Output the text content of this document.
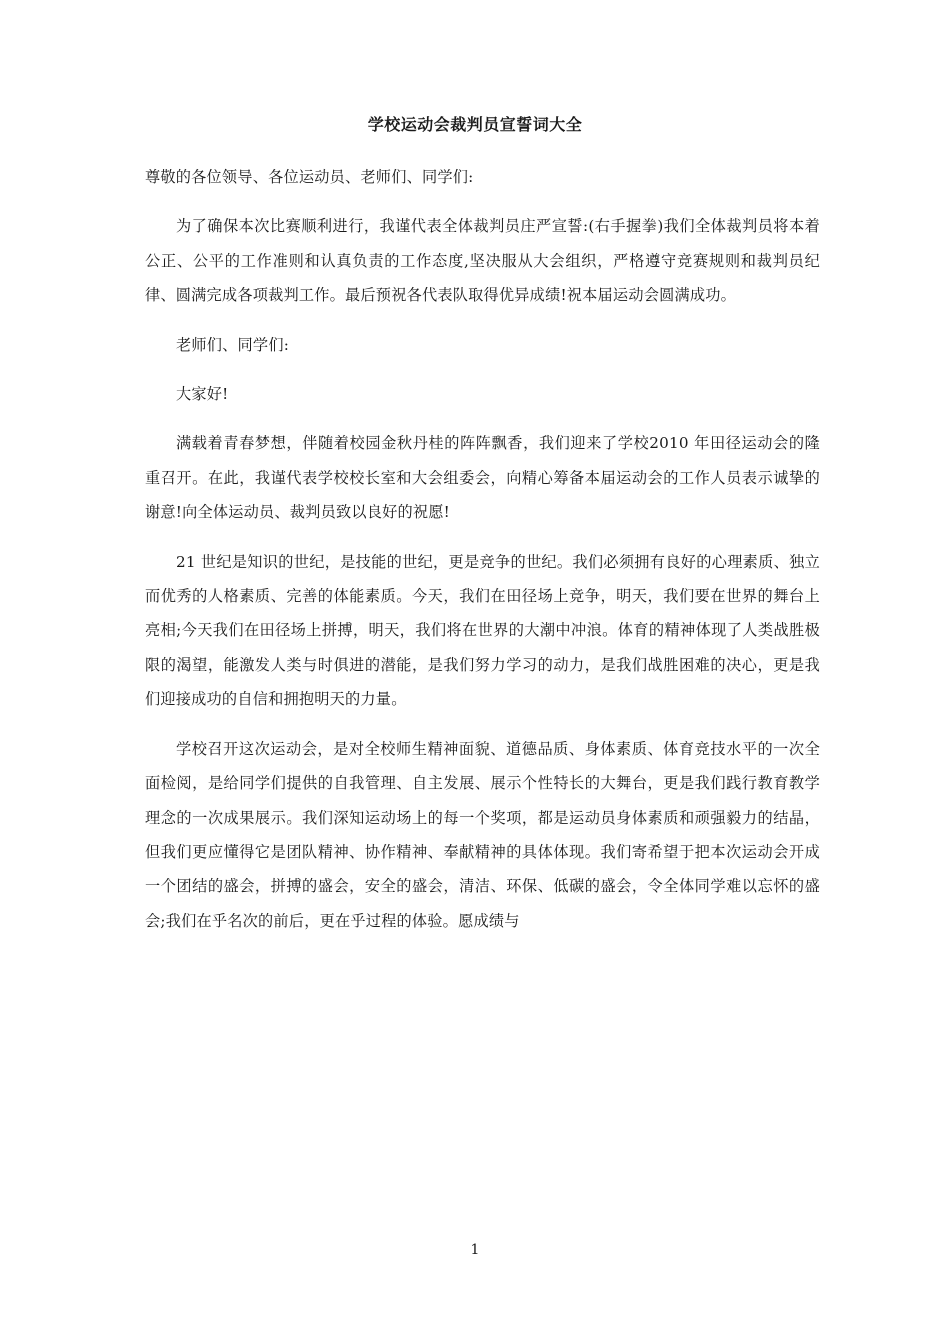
学校运动会裁判员宣誓词大全

尊敬的各位领导、各位运动员、老师们、同学们:

为了确保本次比赛顺利进行，我谨代表全体裁判员庄严宣誓:(右手握拳)我们全体裁判员将本着公正、公平的工作准则和认真负责的工作态度,坚决服从大会组织，严格遵守竞赛规则和裁判员纪律、圆满完成各项裁判工作。最后预祝各代表队取得优异成绩!祝本届运动会圆满成功。

老师们、同学们:

大家好!

满载着青春梦想，伴随着校园金秋丹桂的阵阵飘香，我们迎来了学校2010 年田径运动会的隆重召开。在此，我谨代表学校校长室和大会组委会，向精心筹备本届运动会的工作人员表示诚挚的谢意!向全体运动员、裁判员致以良好的祝愿!

21 世纪是知识的世纪，是技能的世纪，更是竞争的世纪。我们必须拥有良好的心理素质、独立而优秀的人格素质、完善的体能素质。今天，我们在田径场上竞争，明天，我们要在世界的舞台上亮相;今天我们在田径场上拼搏，明天，我们将在世界的大潮中冲浪。体育的精神体现了人类战胜极限的渴望，能激发人类与时俱进的潜能，是我们努力学习的动力，是我们战胜困难的决心，更是我们迎接成功的自信和拥抱明天的力量。

学校召开这次运动会，是对全校师生精神面貌、道德品质、身体素质、体育竞技水平的一次全面检阅，是给同学们提供的自我管理、自主发展、展示个性特长的大舞台，更是我们践行教育教学理念的一次成果展示。我们深知运动场上的每一个奖项，都是运动员身体素质和顽强毅力的结晶，但我们更应懂得它是团队精神、协作精神、奉献精神的具体体现。我们寄希望于把本次运动会开成一个团结的盛会，拼搏的盛会，安全的盛会，清洁、环保、低碳的盛会，令全体同学难以忘怀的盛会;我们在乎名次的前后，更在乎过程的体验。愿成绩与

1
